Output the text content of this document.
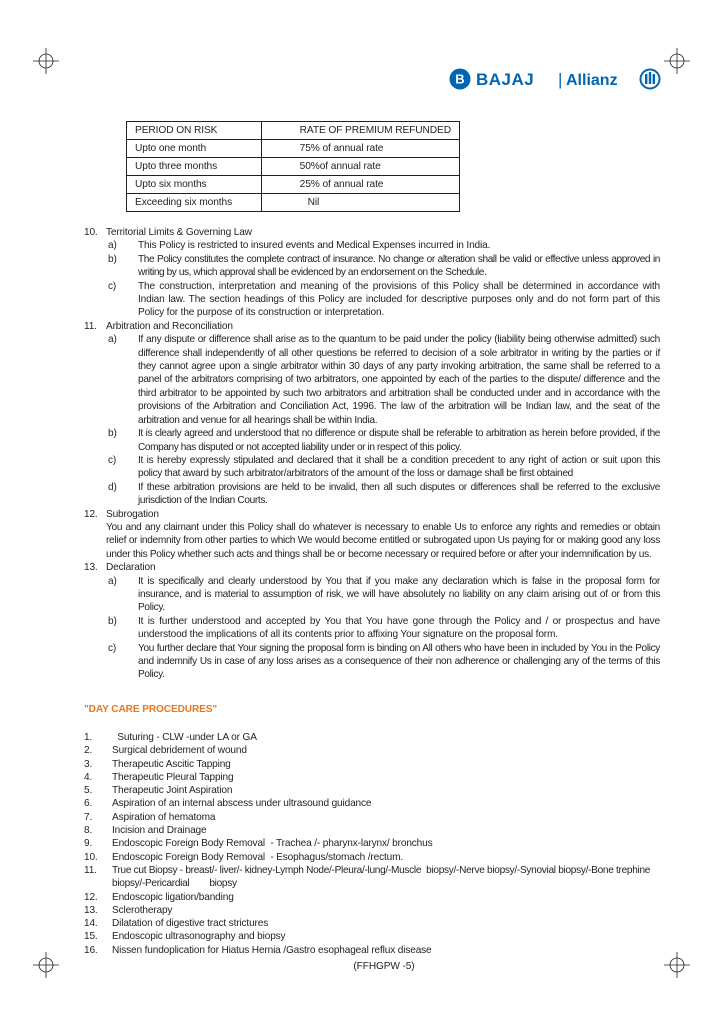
B BAJAJ | Allianz
PERIOD ON RISK	RATE OF PREMIUM REFUNDED
Upto one month	75% of annual rate
Upto three months	50%of annual rate
Upto six months	25% of annual rate
Exceeding six months	Nil
10. Territorial Limits & Governing Law
a)	This Policy is restricted to insured events and Medical Expenses incurred in India.
b)	The Policy constitutes the complete contract of insurance. No change or alteration shall be valid or effective unless approved in writing by us, which approval shall be evidenced by an endorsement on the Schedule.
c)	The construction, interpretation and meaning of the provisions of this Policy shall be determined in accordance with Indian law. The section headings of this Policy are included for descriptive purposes only and do not form part of this Policy for the purpose of its construction or interpretation.
11. Arbitration and Reconciliation
a)	If any dispute or difference shall arise as to the quantum to be paid under the policy (liability being otherwise admitted) such difference shall independently of all other questions be referred to decision of a sole arbitrator in writing by the parties or if they cannot agree upon a single arbitrator within 30 days of any party invoking arbitration, the same shall be referred to a panel of the arbitrators comprising of two arbitrators, one appointed by each of the parties to the dispute/ difference and the third arbitrator to be appointed by such two arbitrators and arbitration shall be conducted under and in accordance with the provisions of the Arbitration and Conciliation Act, 1996. The law of the arbitration will be Indian law, and the seat of the arbitration and venue for all hearings shall be within India.
b)	It is clearly agreed and understood that no difference or dispute shall be referable to arbitration as herein before provided, if the Company has disputed or not accepted liability under or in respect of this policy.
c)	It is hereby expressly stipulated and declared that it shall be a condition precedent to any right of action or suit upon this policy that award by such arbitrator/arbitrators of the amount of the loss or damage shall be first obtained
d)	If these arbitration provisions are held to be invalid, then all such disputes or differences shall be referred to the exclusive jurisdiction of the Indian Courts.
12. Subrogation
You and any claimant under this Policy shall do whatever is necessary to enable Us to enforce any rights and remedies or obtain relief or indemnity from other parties to which We would become entitled or subrogated upon Us paying for or making good any loss under this Policy whether such acts and things shall be or become necessary or required before or after your indemnification by us.
13. Declaration
a)	It is specifically and clearly understood by You that if you make any declaration which is false in the proposal form for insurance, and is material to assumption of risk, we will have absolutely no liability on any claim arising out of or from this Policy.
b)	It is further understood and accepted by You that You have gone through the Policy and / or prospectus and have understood the implications of all its contents prior to affixing Your signature on the proposal form.
c)	You further declare that Your signing the proposal form is binding on All others who have been in included by You in the Policy and indemnify Us in case of any loss arises as a consequence of their non adherence or challenging any of the terms of this Policy.
"DAY CARE PROCEDURES"
1.	Suturing - CLW -under LA or GA
2.	Surgical debridement of wound
3.	Therapeutic Ascitic Tapping
4.	Therapeutic Pleural Tapping
5.	Therapeutic Joint Aspiration
6.	Aspiration of an internal abscess under ultrasound guidance
7.	Aspiration of hematoma
8.	Incision and Drainage
9.	Endoscopic Foreign Body Removal  - Trachea /- pharynx-larynx/ bronchus
10.	Endoscopic Foreign Body Removal  - Esophagus/stomach /rectum.
11.	True cut Biopsy - breast/- liver/- kidney-Lymph Node/-Pleura/-lung/-Muscle  biopsy/-Nerve biopsy/-Synovial biopsy/-Bone trephine biopsy/-Pericardial        biopsy
12.	Endoscopic ligation/banding
13.	Sclerotherapy
14.	Dilatation of digestive tract strictures
15.	Endoscopic ultrasonography and biopsy
16.	Nissen fundoplication for Hiatus Hernia /Gastro esophageal reflux disease
(FFHGPW -5)
